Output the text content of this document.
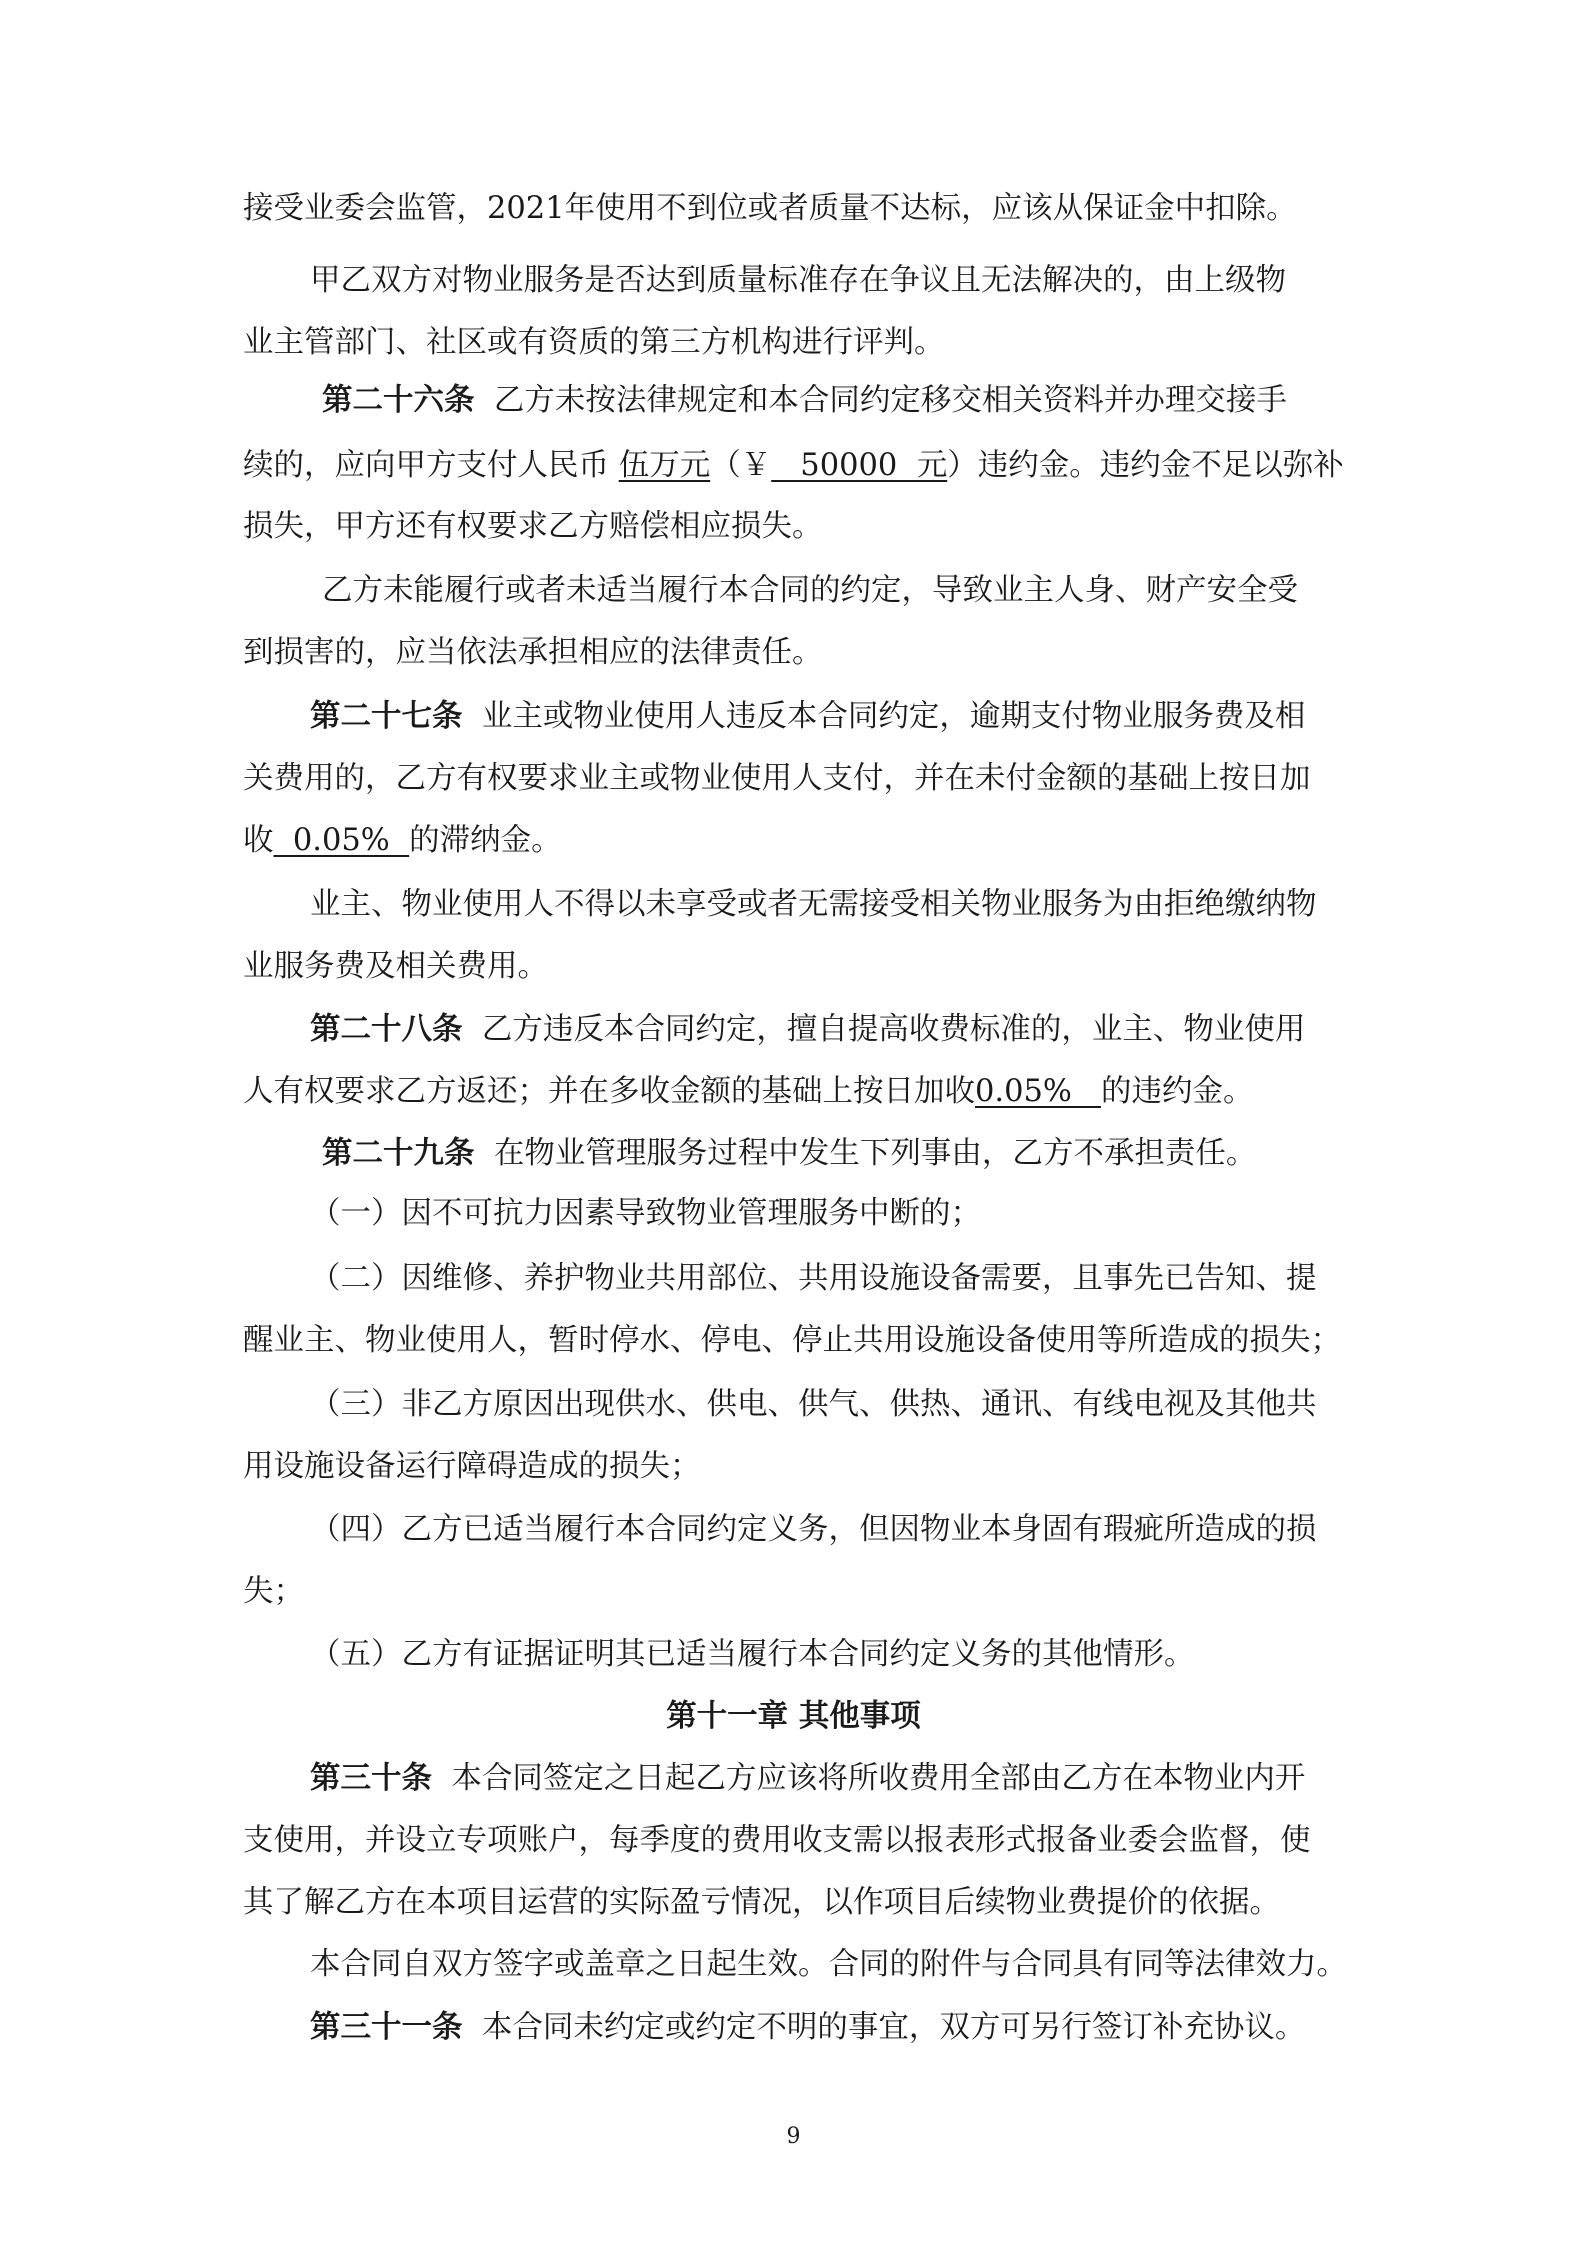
接受业委会监管，2021年使用不到位或者质量不达标，应该从保证金中扣除。
甲乙双方对物业服务是否达到质量标准存在争议且无法解决的，由上级物
业主管部门、社区或有资质的第三方机构进行评判。
第二十六条 乙方未按法律规定和本合同约定移交相关资料并办理交接手
续的，应向甲方支付人民币 伍万元（￥   50000  元）违约金。违约金不足以弥补
损失，甲方还有权要求乙方赔偿相应损失。
乙方未能履行或者未适当履行本合同的约定，导致业主人身、财产安全受
到损害的，应当依法承担相应的法律责任。
第二十七条 业主或物业使用人违反本合同约定，逾期支付物业服务费及相
关费用的，乙方有权要求业主或物业使用人支付，并在未付金额的基础上按日加
收  0.05%  的滞纳金。
业主、物业使用人不得以未享受或者无需接受相关物业服务为由拒绝缴纳物
业服务费及相关费用。
第二十八条 乙方违反本合同约定，擅自提高收费标准的，业主、物业使用
人有权要求乙方返还；并在多收金额的基础上按日加收0.05%   的违约金。
第二十九条 在物业管理服务过程中发生下列事由，乙方不承担责任。
（一）因不可抗力因素导致物业管理服务中断的；
（二）因维修、养护物业共用部位、共用设施设备需要，且事先已告知、提
醒业主、物业使用人，暂时停水、停电、停止共用设施设备使用等所造成的损失；
（三）非乙方原因出现供水、供电、供气、供热、通讯、有线电视及其他共
用设施设备运行障碍造成的损失；
（四）乙方已适当履行本合同约定义务，但因物业本身固有瑕疵所造成的损
失；
（五）乙方有证据证明其已适当履行本合同约定义务的其他情形。
第十一章 其他事项
第三十条 本合同签定之日起乙方应该将所收费用全部由乙方在本物业内开
支使用，并设立专项账户，每季度的费用收支需以报表形式报备业委会监督，使
其了解乙方在本项目运营的实际盈亏情况，以作项目后续物业费提价的依据。
本合同自双方签字或盖章之日起生效。合同的附件与合同具有同等法律效力。
第三十一条 本合同未约定或约定不明的事宜，双方可另行签订补充协议。
9
